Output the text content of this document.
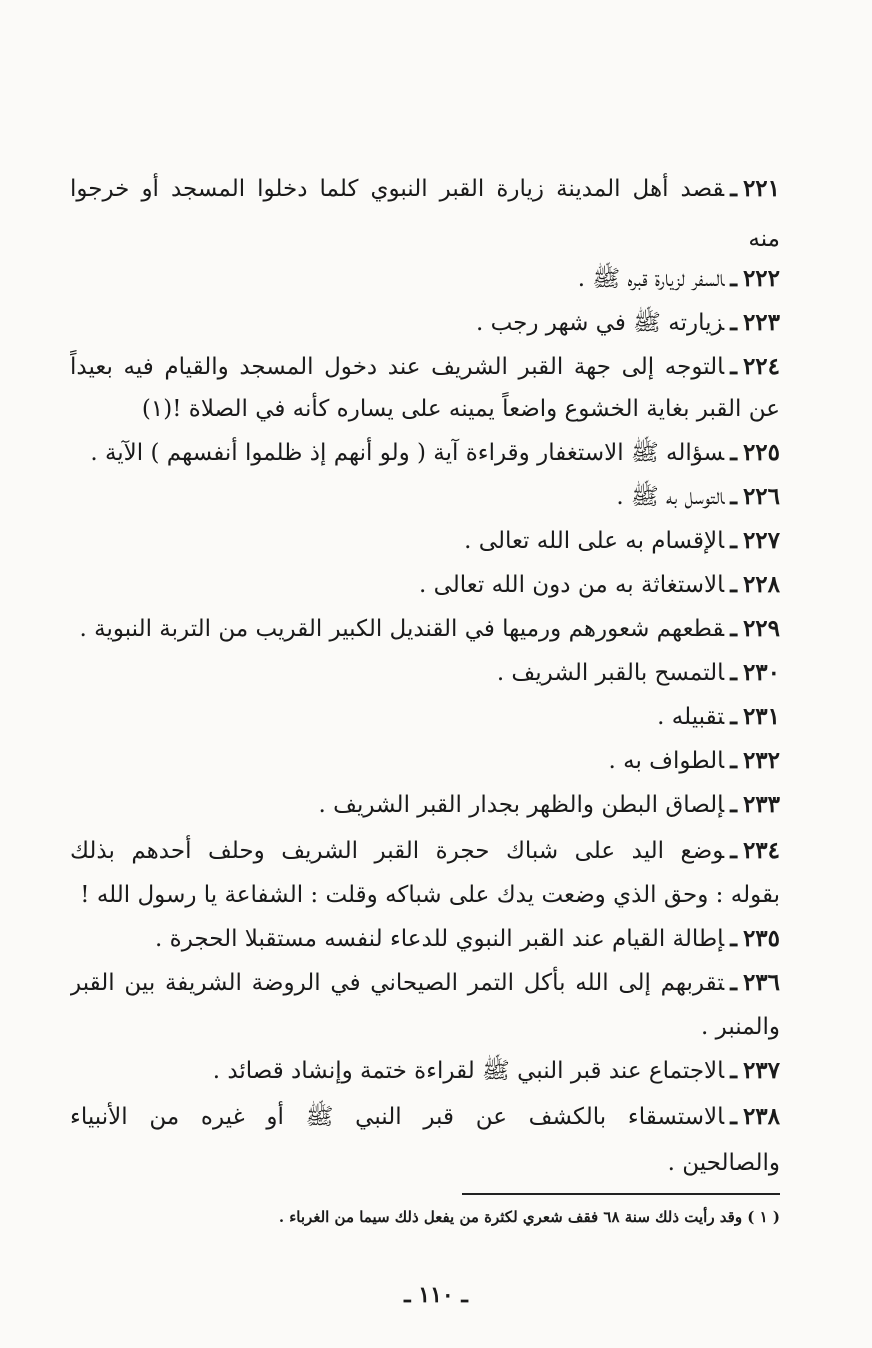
٢٢١ـقصد أهل المدينة زيارة القبر النبوي كلما دخلوا المسجد أو خرجوا
منه
٢٢٢ـالسفر لزيارة قبره ﷺ .
٢٢٣ـزيارته ﷺ في شهر رجب .
٢٢٤ـالتوجه إلى جهة القبر الشريف عند دخول المسجد والقيام فيه بعيداً
عن القبر بغاية الخشوع واضعاً يمينه على يساره كأنه في الصلاة !(١)
٢٢٥ـسؤاله ﷺ الاستغفار وقراءة آية ( ولو أنهم إذ ظلموا أنفسهم ) الآية .
٢٢٦ـالتوسل به ﷺ .
٢٢٧ـالإقسام به على الله تعالى .
٢٢٨ـالاستغاثة به من دون الله تعالى .
٢٢٩ـقطعهم شعورهم ورميها في القنديل الكبير القريب من التربة النبوية .
٢٣٠ـالتمسح بالقبر الشريف .
٢٣١ـتقبيله .
٢٣٢ـالطواف به .
٢٣٣ـإلصاق البطن والظهر بجدار القبر الشريف .
٢٣٤ـوضع اليد على شباك حجرة القبر الشريف وحلف أحدهم بذلك
بقوله : وحق الذي وضعت يدك على شباكه وقلت : الشفاعة يا رسول الله !
٢٣٥ـإطالة القيام عند القبر النبوي للدعاء لنفسه مستقبلا الحجرة .
٢٣٦ـتقربهم إلى الله بأكل التمر الصيحاني في الروضة الشريفة بين القبر
والمنبر .
٢٣٧ـالاجتماع عند قبر النبي ﷺ لقراءة ختمة وإنشاد قصائد .
٢٣٨ـالاستسقاء بالكشف عن قبر النبي ﷺ أو غيره من الأنبياء
والصالحين .
( ١ ) وقد رأيت ذلك سنة ٦٨ فقف شعري لكثرة من يفعل ذلك سيما من الغرباء .
ـ ١١٠ ـ
